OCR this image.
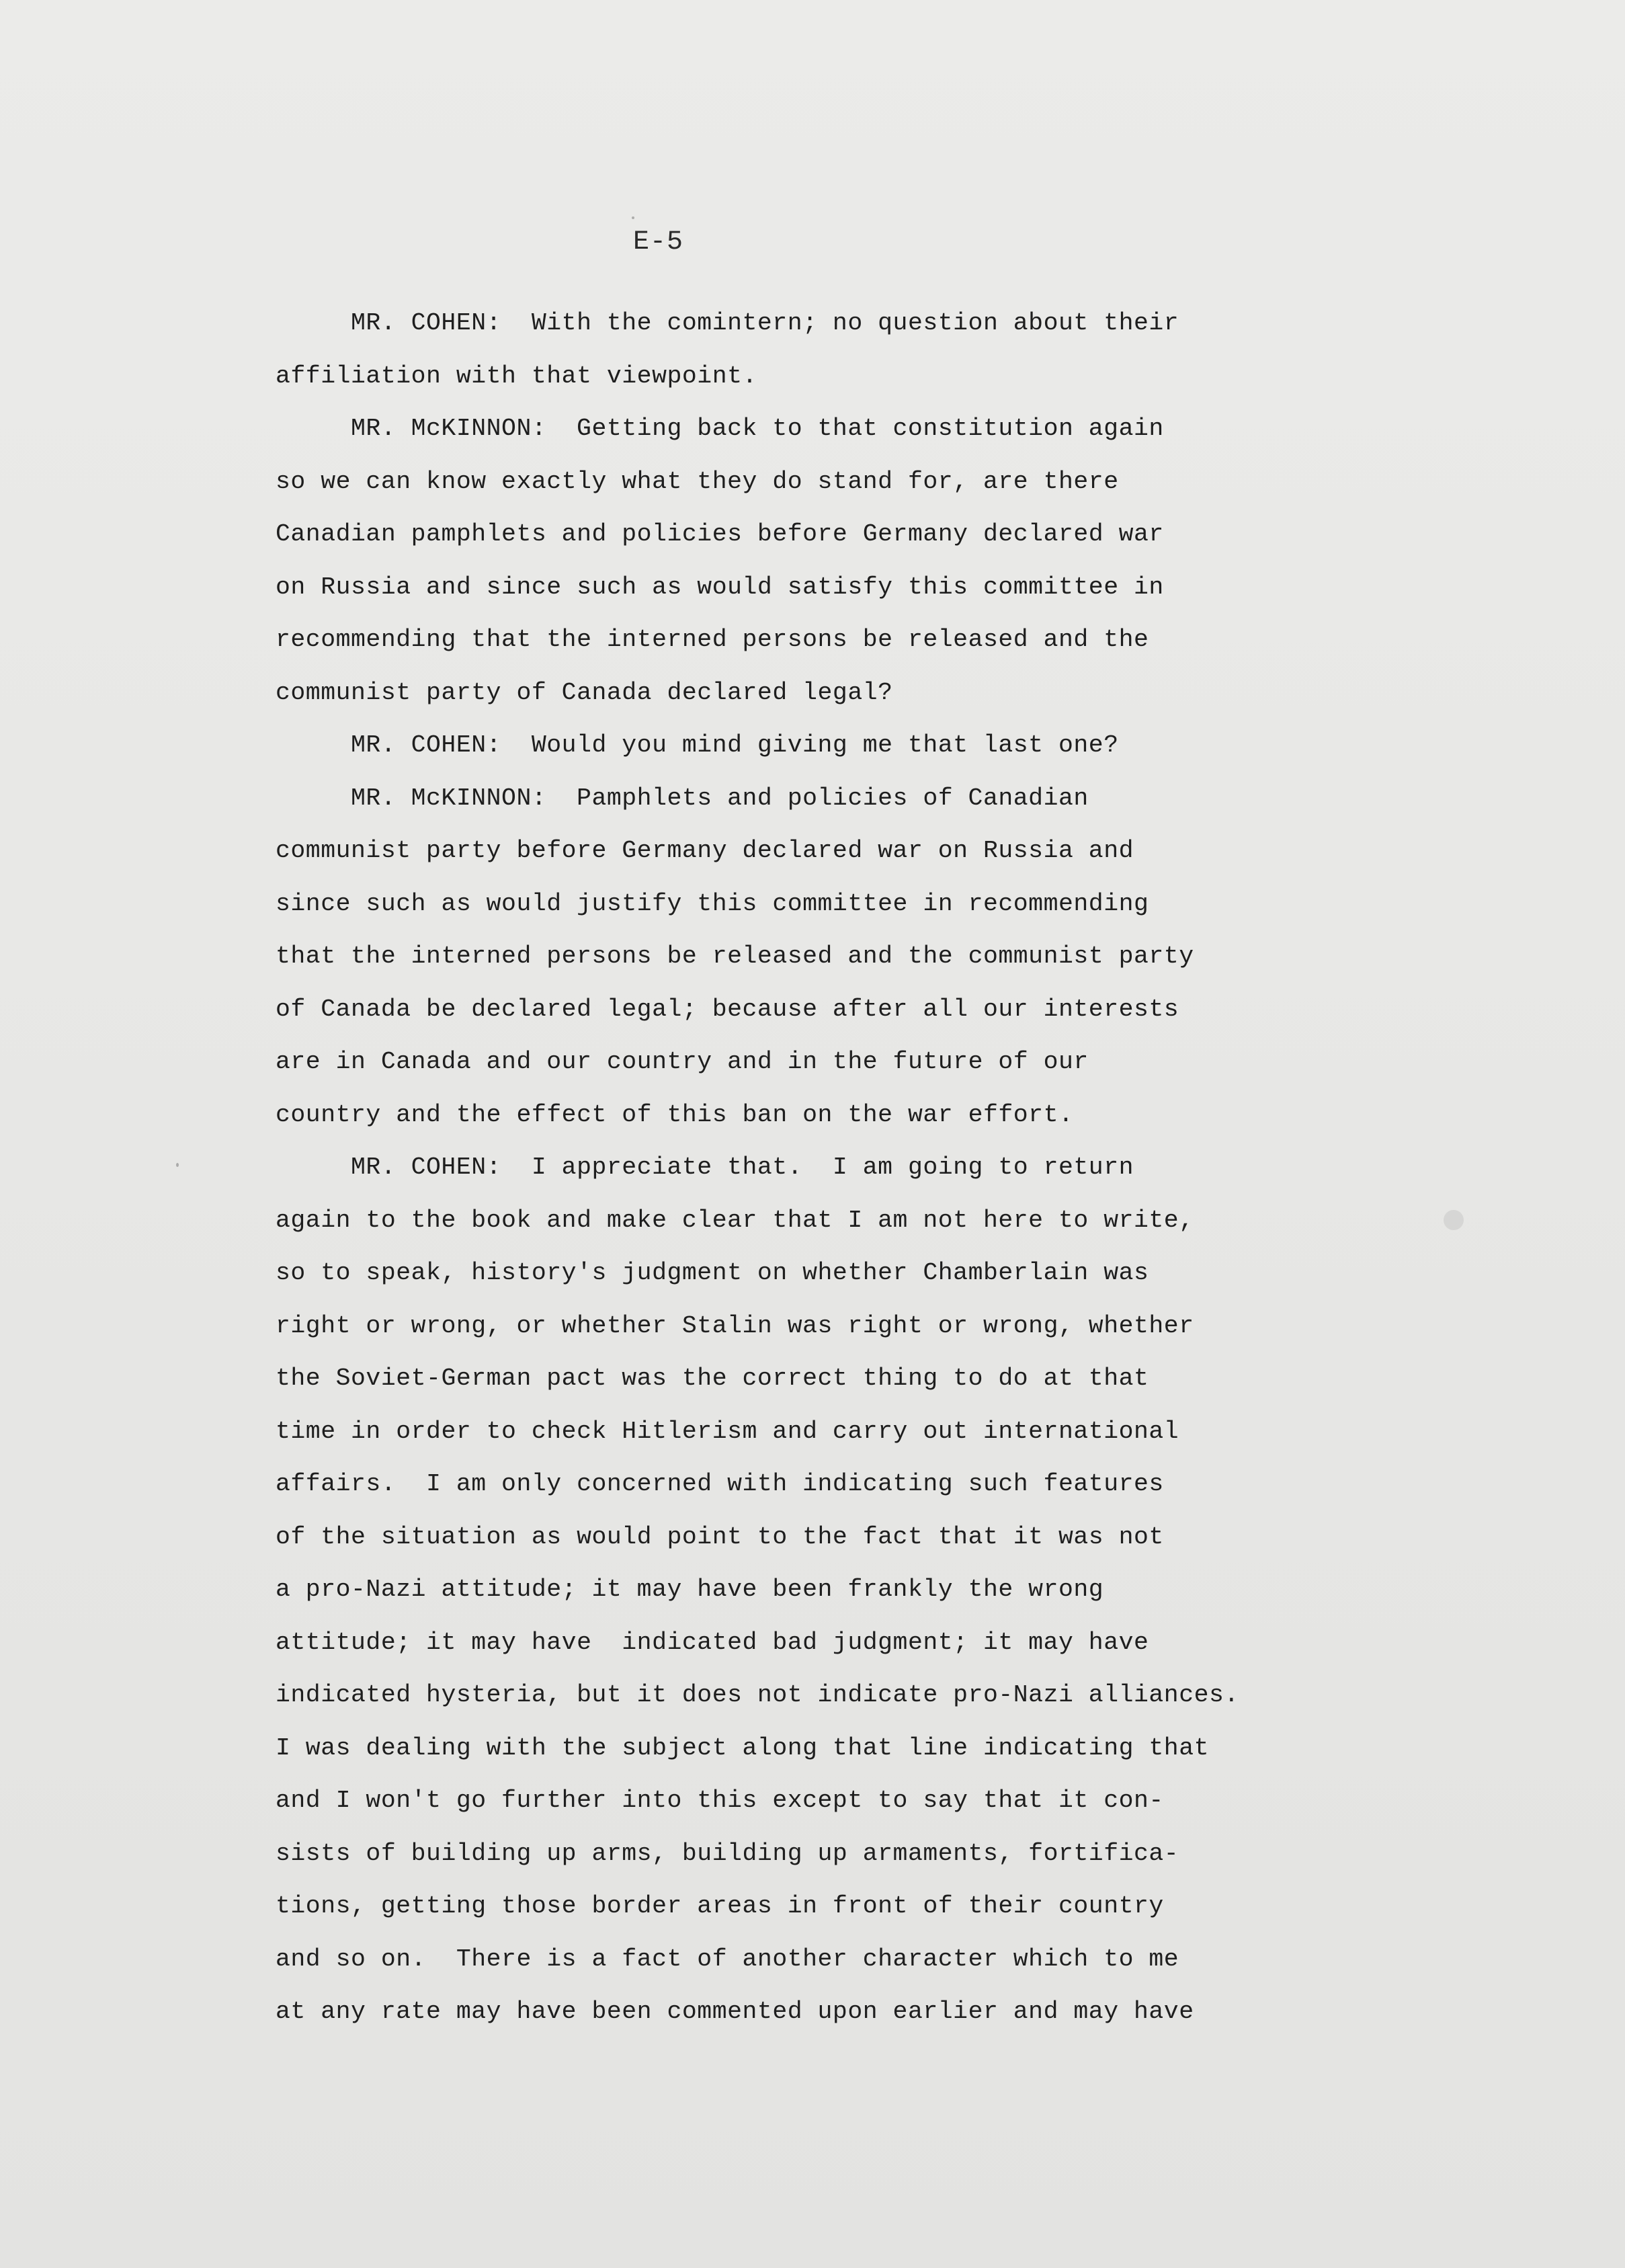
E-5
MR. COHEN:  With the comintern; no question about their
affiliation with that viewpoint.
MR. McKINNON:  Getting back to that constitution again
so we can know exactly what they do stand for, are there
Canadian pamphlets and policies before Germany declared war
on Russia and since such as would satisfy this committee in
recommending that the interned persons be released and the
communist party of Canada declared legal?
MR. COHEN:  Would you mind giving me that last one?
MR. McKINNON:  Pamphlets and policies of Canadian
communist party before Germany declared war on Russia and
since such as would justify this committee in recommending
that the interned persons be released and the communist party
of Canada be declared legal; because after all our interests
are in Canada and our country and in the future of our
country and the effect of this ban on the war effort.
MR. COHEN:  I appreciate that.  I am going to return
again to the book and make clear that I am not here to write,
so to speak, history's judgment on whether Chamberlain was
right or wrong, or whether Stalin was right or wrong, whether
the Soviet-German pact was the correct thing to do at that
time in order to check Hitlerism and carry out international
affairs.  I am only concerned with indicating such features
of the situation as would point to the fact that it was not
a pro-Nazi attitude; it may have been frankly the wrong
attitude; it may have  indicated bad judgment; it may have
indicated hysteria, but it does not indicate pro-Nazi alliances.
I was dealing with the subject along that line indicating that
and I won't go further into this except to say that it con-
sists of building up arms, building up armaments, fortifica-
tions, getting those border areas in front of their country
and so on.  There is a fact of another character which to me
at any rate may have been commented upon earlier and may have
